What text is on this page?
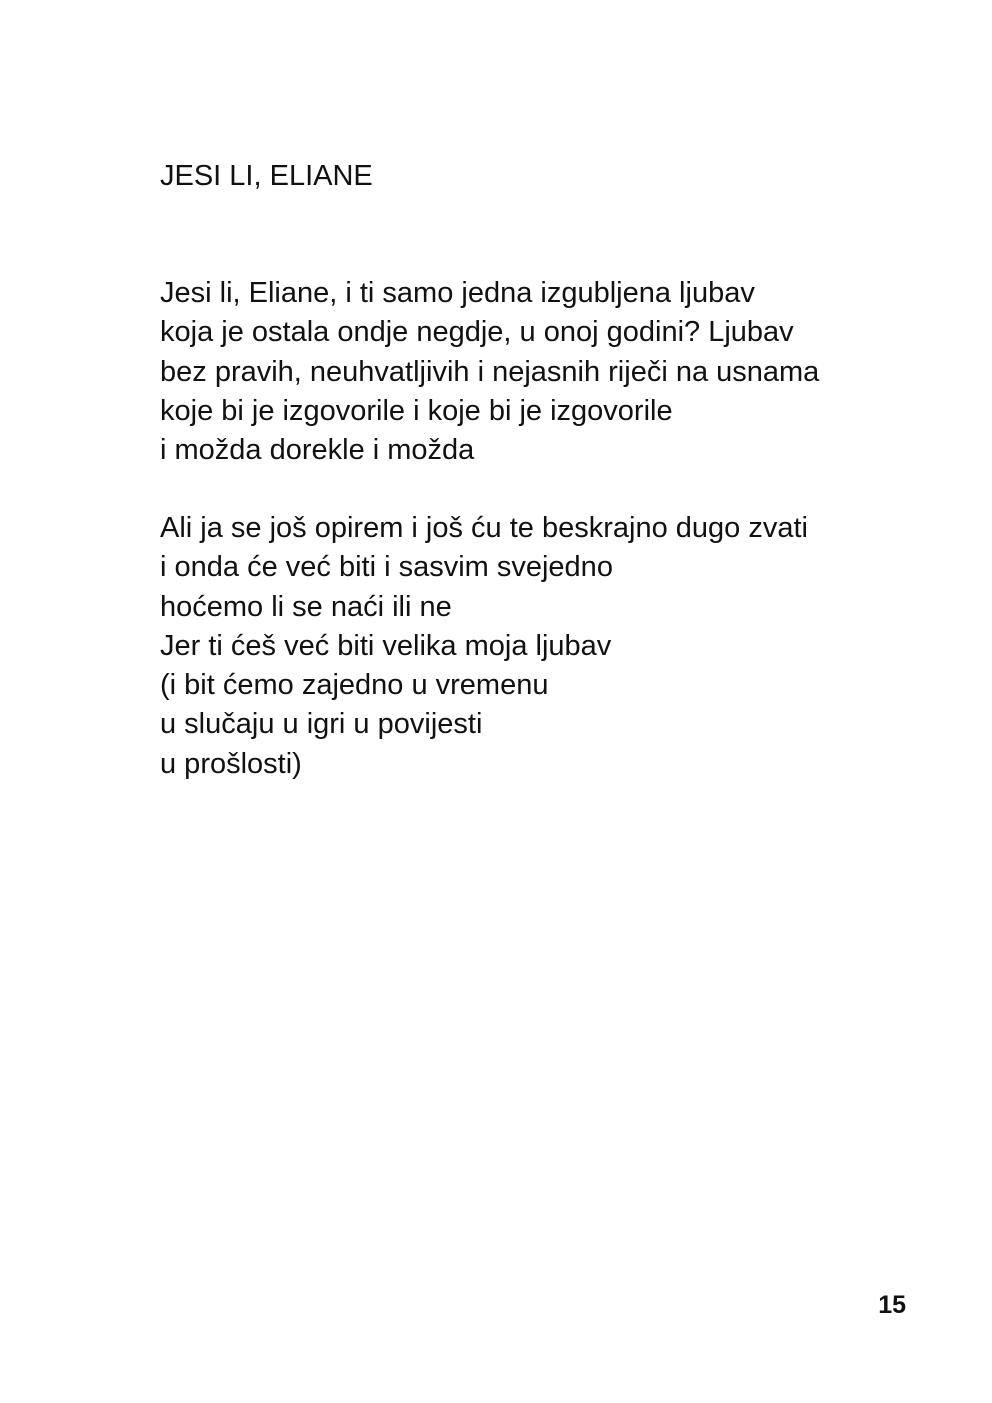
JESI LI, ELIANE
Jesi li, Eliane, i ti samo jedna izgubljena ljubav
koja je ostala ondje negdje, u onoj godini? Ljubav
bez pravih, neuhvatljivih i nejasnih riječi na usnama
koje bi je izgovorile i koje bi je izgovorile
i možda dorekle i možda
Ali ja se još opirem i još ću te beskrajno dugo zvati
i onda će već biti i sasvim svejedno
hoćemo li se naći ili ne
Jer ti ćeš već biti velika moja ljubav
(i bit ćemo zajedno u vremenu
u slučaju u igri u povijesti
u prošlosti)
15
